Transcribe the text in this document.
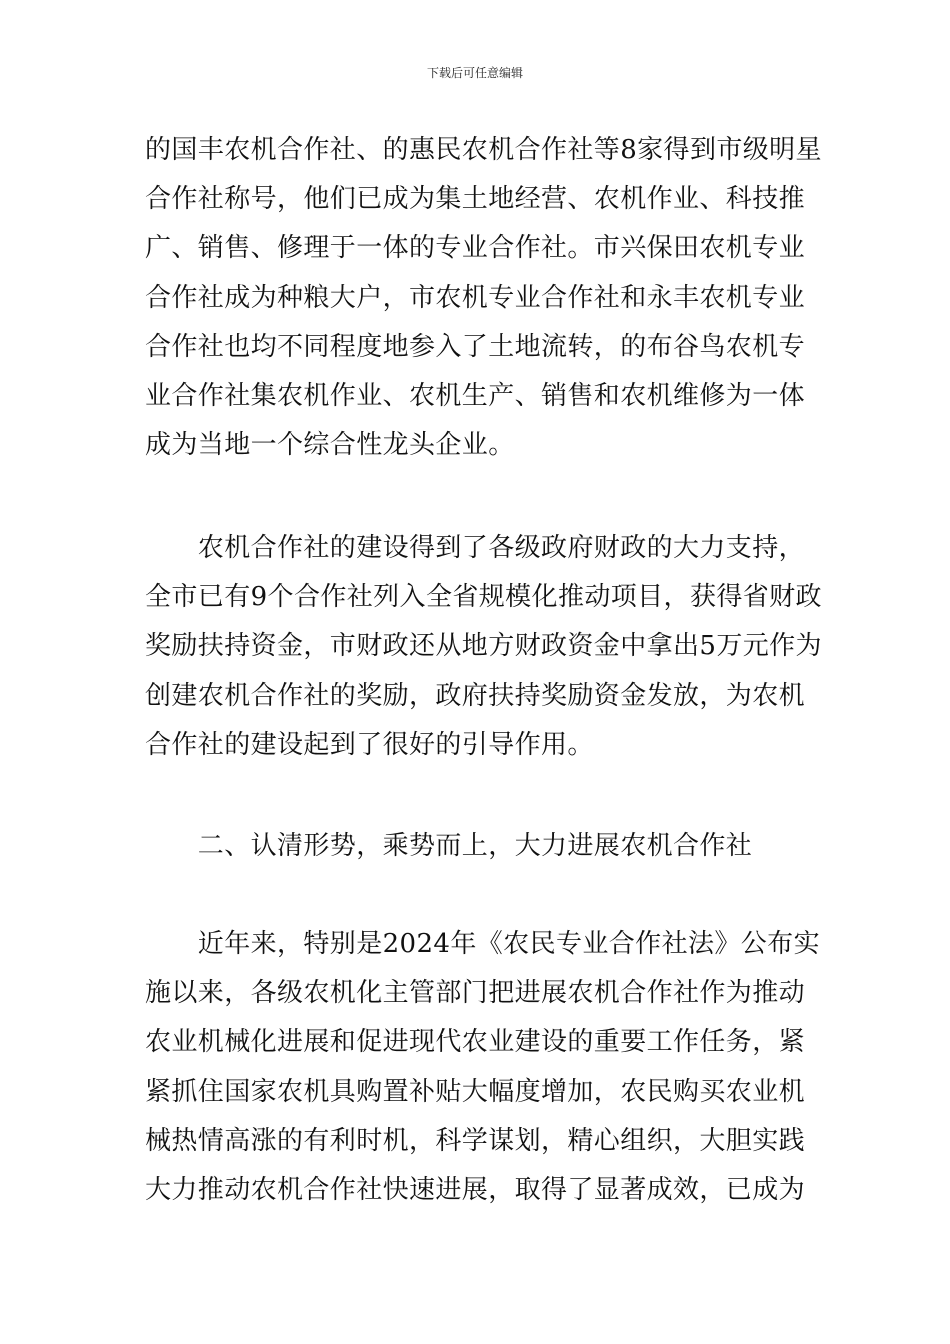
下载后可任意编辑
的国丰农机合作社、的惠民农机合作社等8家得到市级明星
合作社称号，他们已成为集土地经营、农机作业、科技推
广、销售、修理于一体的专业合作社。市兴保田农机专业
合作社成为种粮大户，市农机专业合作社和永丰农机专业
合作社也均不同程度地参入了土地流转，的布谷鸟农机专
业合作社集农机作业、农机生产、销售和农机维修为一体
成为当地一个综合性龙头企业。
　　农机合作社的建设得到了各级政府财政的大力支持，
全市已有9个合作社列入全省规模化推动项目，获得省财政
奖励扶持资金，市财政还从地方财政资金中拿出5万元作为
创建农机合作社的奖励，政府扶持奖励资金发放，为农机
合作社的建设起到了很好的引导作用。
　　二、认清形势，乘势而上，大力进展农机合作社
　　近年来，特别是2024年《农民专业合作社法》公布实
施以来，各级农机化主管部门把进展农机合作社作为推动
农业机械化进展和促进现代农业建设的重要工作任务，紧
紧抓住国家农机具购置补贴大幅度增加，农民购买农业机
械热情高涨的有利时机，科学谋划，精心组织，大胆实践
大力推动农机合作社快速进展，取得了显著成效，已成为
